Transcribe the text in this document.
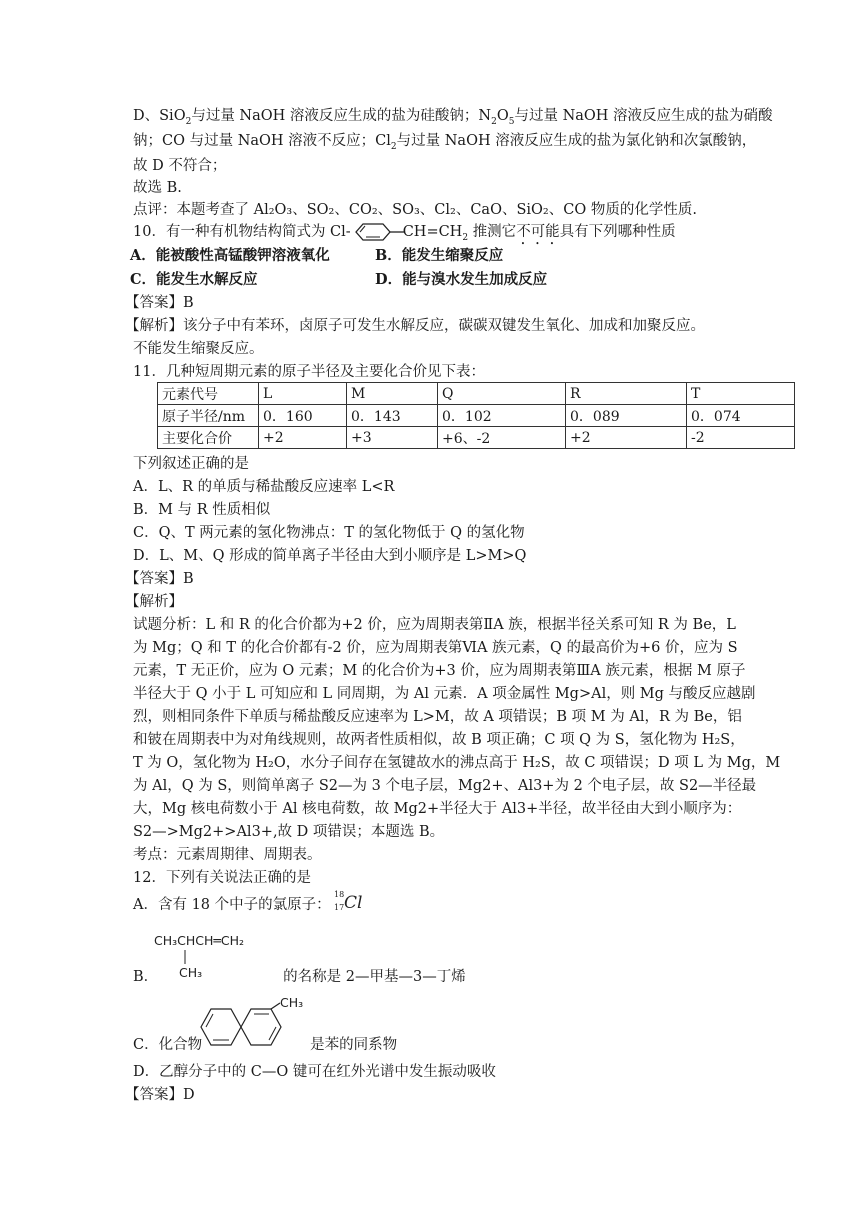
D、SiO$_2$与过量 NaOH 溶液反应生成的盐为硅酸钠；$N_2O_5$与过量 NaOH 溶液反应生成的盐为硝酸
钠；CO 与过量 NaOH 溶液不反应；$Cl_2$与过量 NaOH 溶液反应生成的盐为氯化钠和次氯酸钠，
故 D 不符合；
故选 B.
点评：本题考查了 Al₂O₃、SO₂、CO₂、SO₃、Cl₂、CaO、SiO₂、CO 物质的化学性质.
10．有一种有机物结构简式为 Cl-	$CH=CH_2$ 推测它不可能具有下列哪种性质
A．能被酸性高锰酸钾溶液氧化	B．能发生缩聚反应
C．能发生水解反应	D．能与溴水发生加成反应
【答案】B
【解析】该分子中有苯环，卤原子可发生水解反应，碳碳双键发生氧化、加成和加聚反应。
不能发生缩聚反应。
11．几种短周期元素的原子半径及主要化合价见下表：
元素代号	L	M	Q	R	T
原子半径/nm	0．160	0．143	0．102	0．089	0．074
主要化合价	+2	+3	+6、-2	+2	-2
下列叙述正确的是
A．L、R 的单质与稀盐酸反应速率 L<R
B．M 与 R 性质相似
C．Q、T 两元素的氢化物沸点：T 的氢化物低于 Q 的氢化物
D．L、M、Q 形成的简单离子半径由大到小顺序是 L>M>Q
【答案】B
【解析】
试题分析：L 和 R 的化合价都为+2 价，应为周期表第ⅡA 族，根据半径关系可知 R 为 Be，L
为 Mg；Q 和 T 的化合价都有-2 价，应为周期表第ⅥA 族元素，Q 的最高价为+6 价，应为 S
元素，T 无正价，应为 O 元素；M 的化合价为+3 价，应为周期表第ⅢA 族元素，根据 M 原子
半径大于 Q 小于 L 可知应和 L 同周期，为 Al 元素．A 项金属性 Mg>Al，则 Mg 与酸反应越剧
烈，则相同条件下单质与稀盐酸反应速率为 L>M，故 A 项错误；B 项 M 为 Al，R 为 Be，铝
和铍在周期表中为对角线规则，故两者性质相似，故 B 项正确；C 项 Q 为 S，氢化物为 H₂S，
T 为 O，氢化物为 H₂O，水分子间存在氢键故水的沸点高于 H₂S，故 C 项错误；D 项 L 为 Mg，M
为 Al，Q 为 S，则简单离子 S2—为 3 个电子层，Mg2+、Al3+为 2 个电子层，故 S2—半径最
大，Mg 核电荷数小于 Al 核电荷数，故 Mg2+半径大于 Al3+半径，故半径由大到小顺序为：
S2—>Mg2+>Al3+,故 D 项错误；本题选 B。
考点：元素周期律、周期表。
12．下列有关说法正确的是
A．含有 18 个中子的氯原子：
18
17 Cl
CH₃CHCH═CH₂
CH₃
B．	的名称是 2—甲基—3—丁烯
CH₃
C．化合物	是苯的同系物
D．乙醇分子中的 C—O 键可在红外光谱中发生振动吸收
【答案】D
